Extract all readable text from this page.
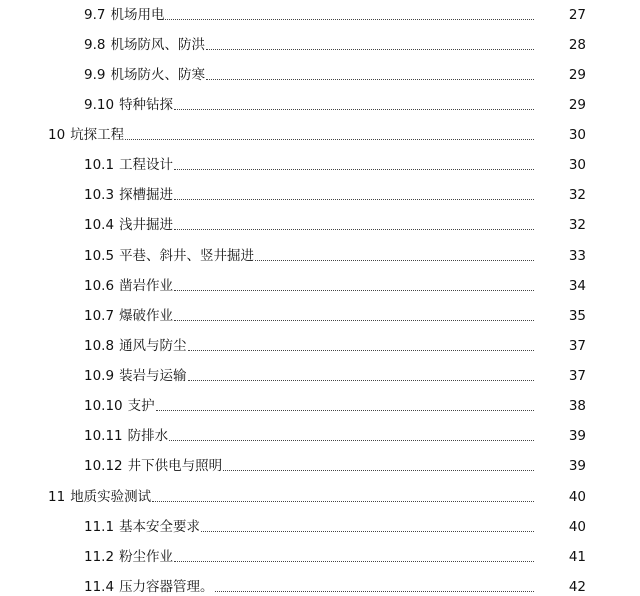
9.7 机场用电	27
9.8 机场防风、防洪	28
9.9 机场防火、防寒	29
9.10 特种钻探	29
10 坑探工程	30
10.1 工程设计	30
10.3 探槽掘进	32
10.4 浅井掘进	32
10.5 平巷、斜井、竖井掘进	33
10.6 凿岩作业	34
10.7 爆破作业	35
10.8 通风与防尘	37
10.9 装岩与运输	37
10.10 支护	38
10.11 防排水	39
10.12 井下供电与照明	39
11 地质实验测试	40
11.1 基本安全要求	40
11.2 粉尘作业	41
11.4 压力容器管理。	42
